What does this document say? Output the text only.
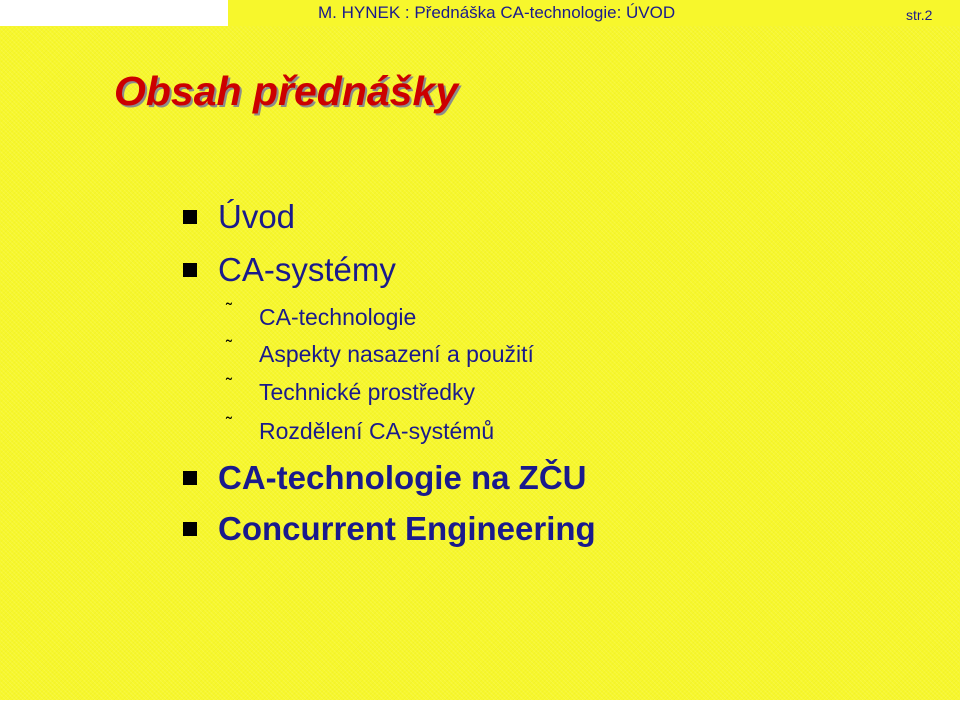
M. HYNEK : Přednáška CA-technologie: ÚVOD	str.2
Obsah přednášky
Úvod
CA-systémy
˜ CA-technologie
˜ Aspekty nasazení a použití
˜ Technické prostředky
˜ Rozdělení CA-systémů
CA-technologie na ZČU
Concurrent Engineering
